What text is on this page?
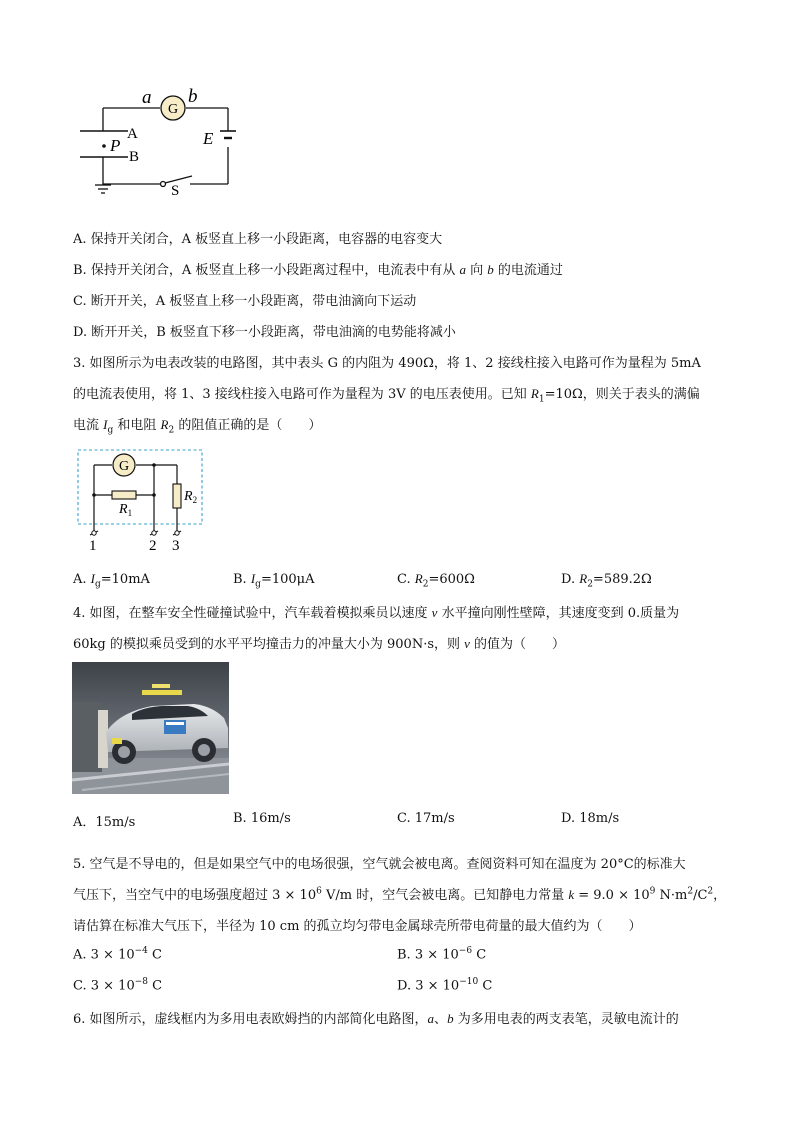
G
a b
E
A
B
P
S
A. 保持开关闭合，A 板竖直上移一小段距离，电容器的电容变大
B. 保持开关闭合，A 板竖直上移一小段距离过程中，电流表中有从 a 向 b 的电流通过
C. 断开开关，A 板竖直上移一小段距离，带电油滴向下运动
D. 断开开关，B 板竖直下移一小段距离，带电油滴的电势能将减小
3. 如图所示为电表改装的电路图，其中表头 G 的内阻为 490Ω，将 1、2 接线柱接入电路可作为量程为 5mA
的电流表使用，将 1、3 接线柱接入电路可作为量程为 3V 的电压表使用。已知 $R_1=10\Omega$，则关于表头的满偏
电流 $I_g$ 和电阻 $R_2$ 的阻值正确的是（　　）
G
$R_1$
$R_2$
1	2 3
A. $I_g=10mA$	B. $I_g=100\mu A$	C. $R_2=600\Omega$	D. $R_2=589.2\Omega$
4. 如图，在整车安全性碰撞试验中，汽车载着模拟乘员以速度 v 水平撞向刚性壁障，其速度变到 0.质量为
60kg 的模拟乘员受到的水平平均撞击力的冲量大小为 900N·s，则 v 的值为（　　）
A．15m/s	B. 16m/s	C. 17m/s	D. 18m/s
5. 空气是不导电的，但是如果空气中的电场很强，空气就会被电离。查阅资料可知在温度为 20°C的标准大
气压下，当空气中的电场强度超过 $3 \times 10^6$ V/m 时，空气会被电离。已知静电力常量 $k = 9.0 \times 10^9$ $N\cdot m^2/C^2$，
请估算在标准大气压下，半径为 10 cm 的孤立均匀带电金属球壳所带电荷量的最大值约为（　　）
A. $3 \times 10^{-4}$ C	B. $3 \times 10^{-6}$ C
C. $3 \times 10^{-8}$ C	D. $3 \times 10^{-10}$ C
6. 如图所示，虚线框内为多用电表欧姆挡的内部简化电路图，a、b 为多用电表的两支表笔，灵敏电流计的
